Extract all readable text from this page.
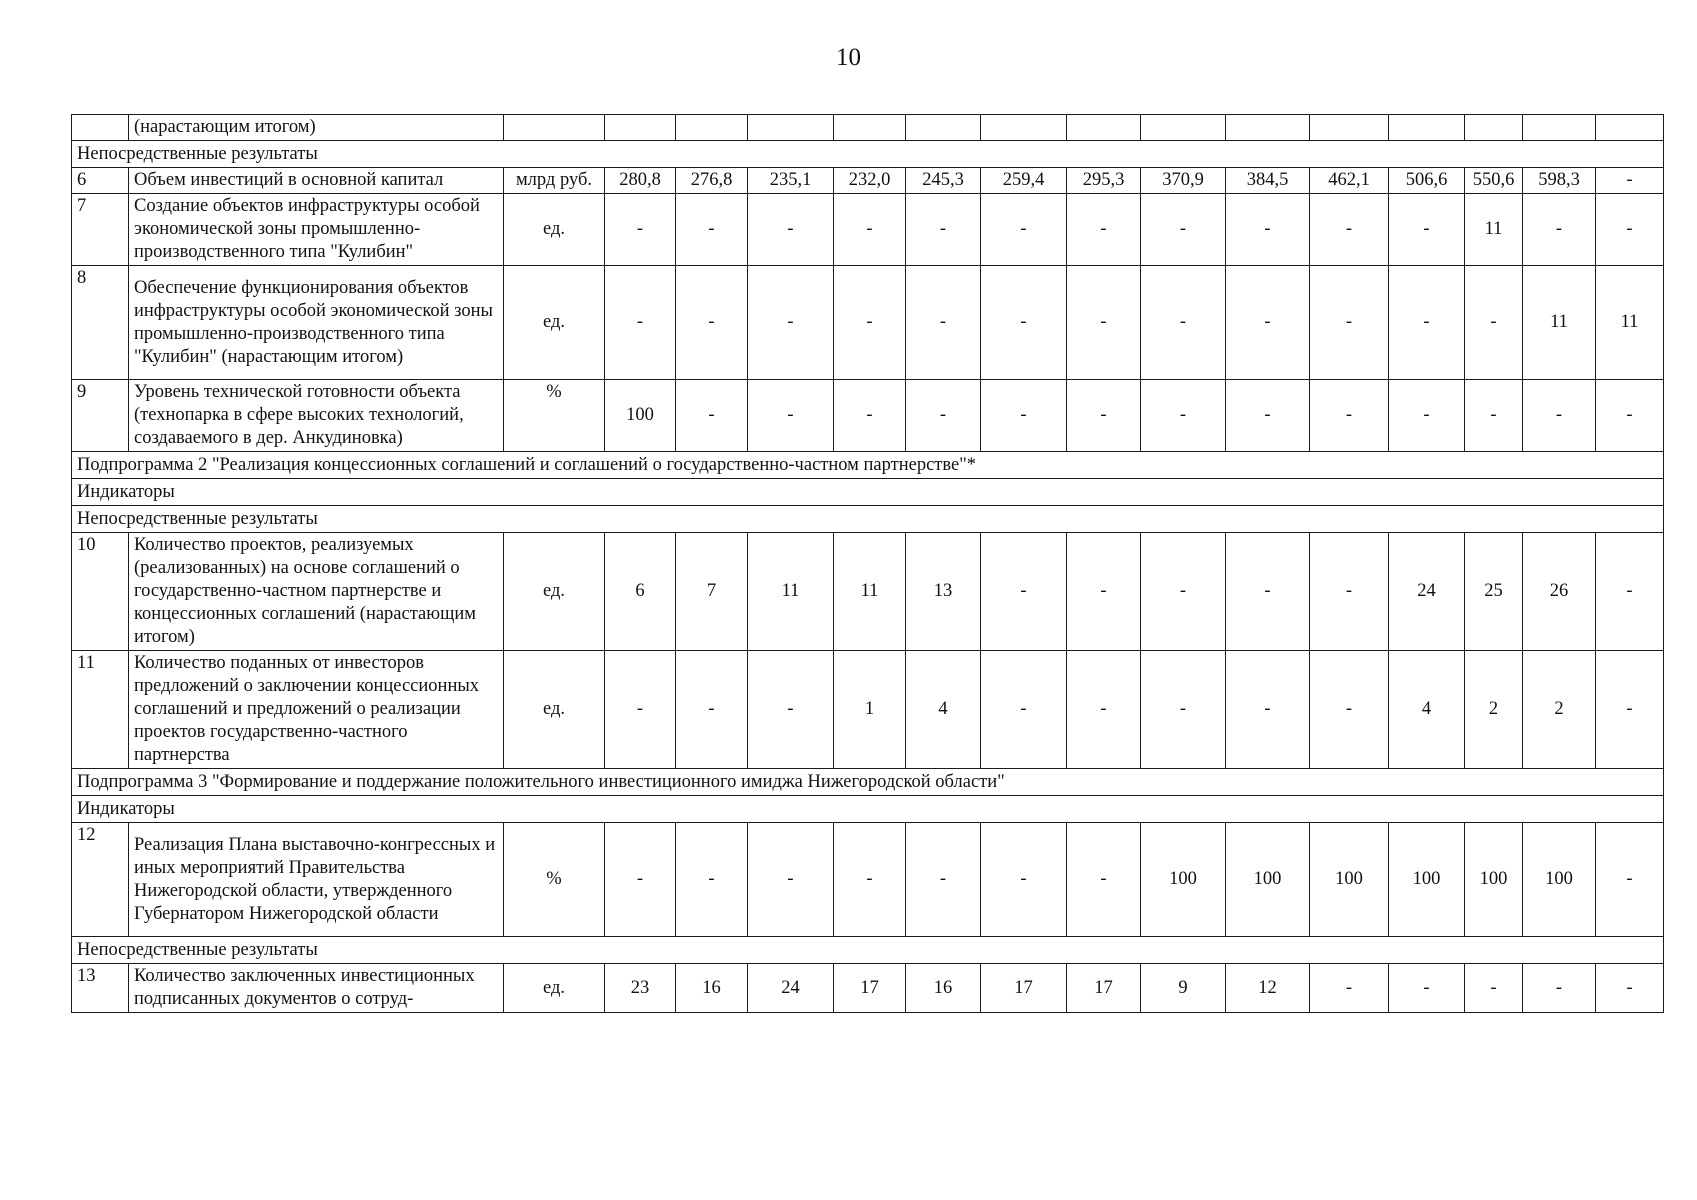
10
	(нарастающим итогом)															
Непосредственные результаты																
6	Объем инвестиций в основной капитал	млрд руб.	280,8	276,8	235,1	232,0	245,3	259,4	295,3	370,9	384,5	462,1	506,6	550,6	598,3	-
7	Создание объектов инфраструктуры особой экономической зоны промышленно-производственного типа "Кулибин"	ед.	-	-	-	-	-	-	-	-	-	-	-	11	-	-
8	Обеспечение функционирования объектов инфраструктуры особой экономической зоны промышленно-производственного типа "Кулибин" (нарастающим итогом)	ед.	-	-	-	-	-	-	-	-	-	-	-	-	11	11
9	Уровень технической готовности объекта (технопарка в сфере высоких технологий, создаваемого в дер. Анкудиновка)	%	100	-	-	-	-	-	-	-	-	-	-	-	-	-
Подпрограмма 2 "Реализация концессионных соглашений и соглашений о государственно-частном партнерстве"*																
Индикаторы																
Непосредственные результаты																
10	Количество проектов, реализуемых (реализованных) на основе соглашений о государственно-частном партнерстве и концессионных соглашений (нарастающим итогом)	ед.	6	7	11	11	13	-	-	-	-	-	24	25	26	-
11	Количество поданных от инвесторов предложений о заключении концессионных соглашений и предложений о реализации проектов государственно-частного партнерства	ед.	-	-	-	1	4	-	-	-	-	-	4	2	2	-
Подпрограмма 3 "Формирование и поддержание положительного инвестиционного имиджа Нижегородской области"																
Индикаторы																
12	Реализация Плана выставочно-конгрессных и иных мероприятий Правительства Нижегородской области, утвержденного Губернатором Нижегородской области	%	-	-	-	-	-	-	-	100	100	100	100	100	100	-
Непосредственные результаты																
13	Количество заключенных инвестиционных подписанных документов о сотруд-	ед.	23	16	24	17	16	17	17	9	12	-	-	-	-	-
